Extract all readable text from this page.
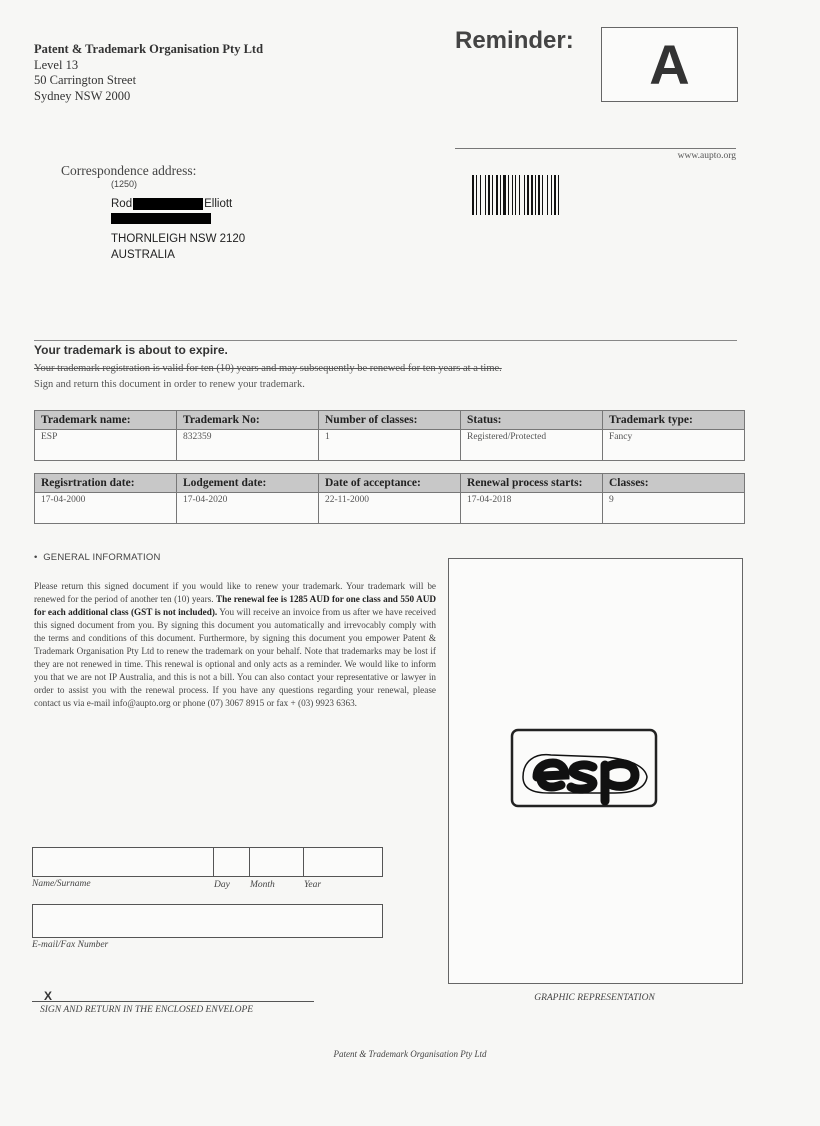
Patent & Trademark Organisation Pty Ltd
Level 13
50 Carrington Street
Sydney NSW 2000
Reminder:	A
www.aupto.org
Correspondence address:
(1250)
Rod	Elliott
THORNLEIGH NSW 2120
AUSTRALIA
Your trademark is about to expire.
Your trademark registration is valid for ten (10) years and may subsequently be renewed for ten years at a time.
Sign and return this document in order to renew your trademark.
Trademark name:	Trademark No:	Number of classes:	Status:	Trademark type:
ESP	832359	1	Registered/Protected	Fancy
Regisrtration date:	Lodgement date:	Date of acceptance:	Renewal process starts:	Classes:
17-04-2000	17-04-2020	22-11-2000	17-04-2018	9
•  GENERAL INFORMATION
Please return this signed document if you would like to renew your trademark. Your trademark will be renewed for the period of another ten (10) years. The renewal fee is 1285 AUD for one class and 550 AUD for each additional class (GST is not included). You will receive an invoice from us after we have received this signed document from you. By signing this document you automatically and irrevocably comply with the terms and conditions of this document. Furthermore, by signing this document you empower Patent & Trademark Organisation Pty Ltd to renew the trademark on your behalf. Note that trademarks may be lost if they are not renewed in time. This renewal is optional and only acts as a reminder. We would like to inform you that we are not IP Australia, and this is not a bill. You can also contact your representative or lawyer in order to assist you with the renewal process. If you have any questions regarding your renewal, please contact us via e-mail info@aupto.org or phone (07) 3067 8915 or fax + (03) 9923 6363.
GRAPHIC REPRESENTATION
Name/Surname	Day Month	Year
E-mail/Fax Number
X
SIGN AND RETURN IN THE ENCLOSED ENVELOPE
Patent & Trademark Organisation Pty Ltd
